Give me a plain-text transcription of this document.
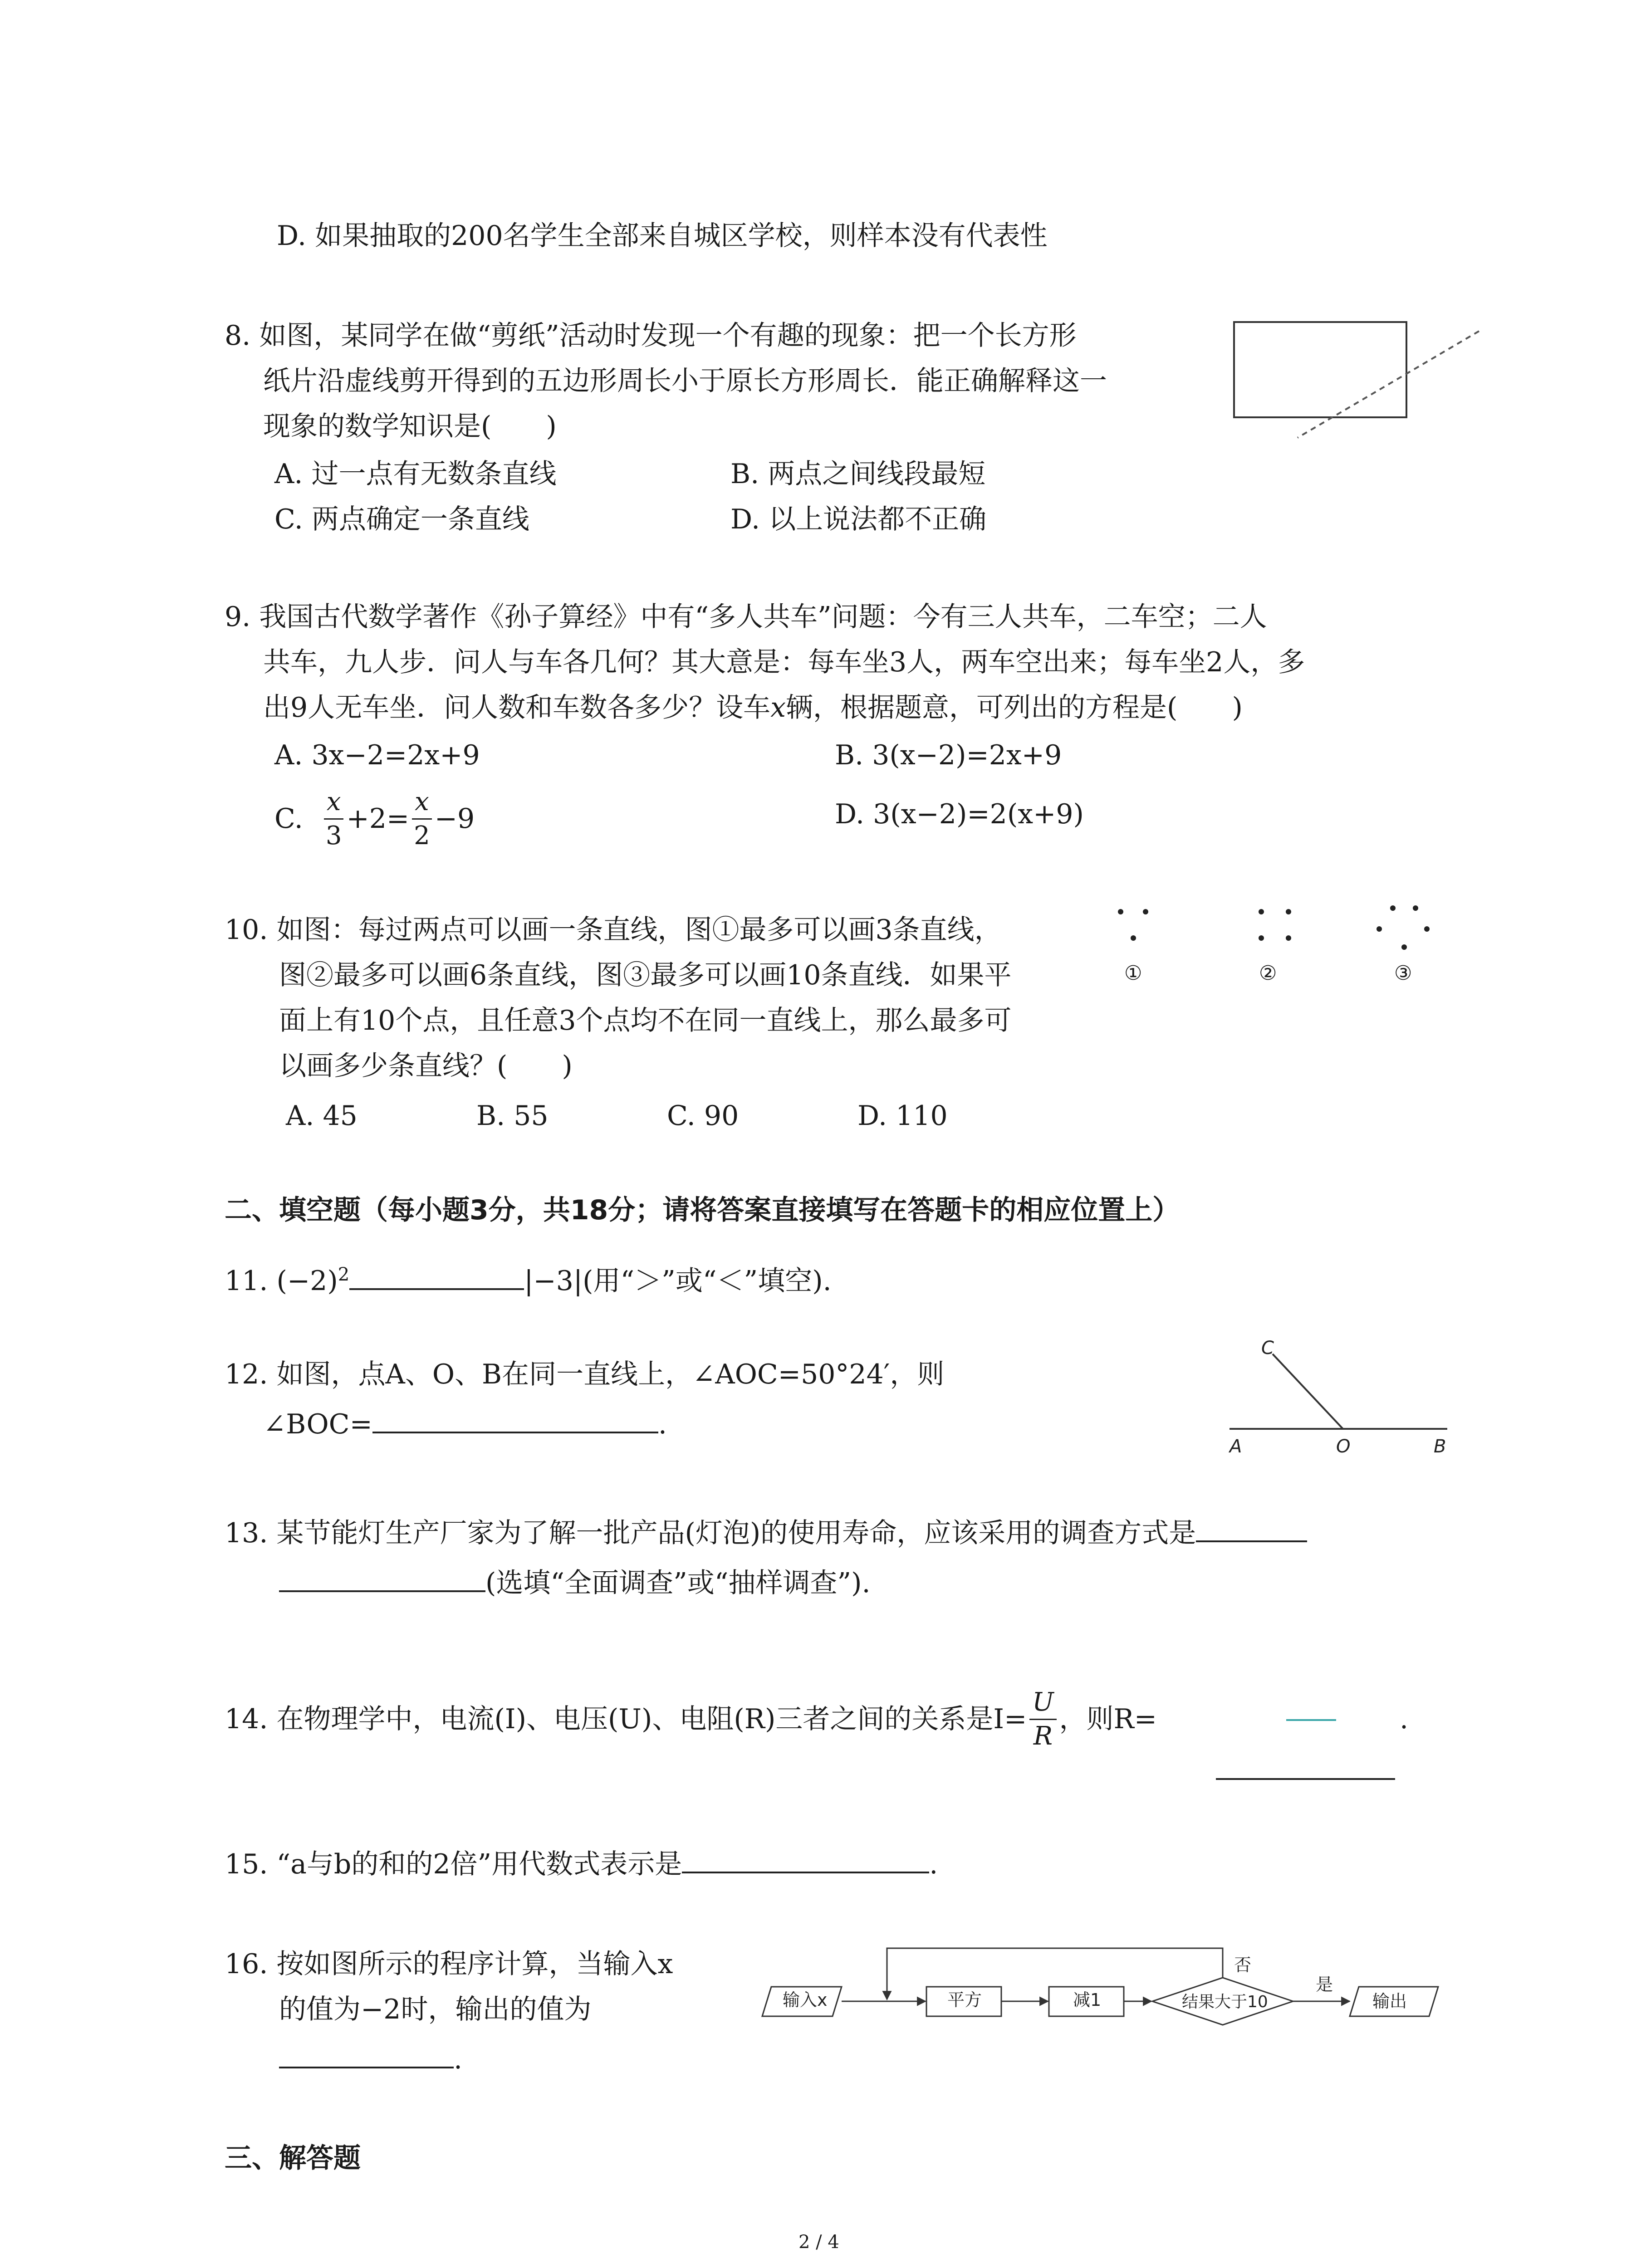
D. 如果抽取的200名学生全部来自城区学校，则样本没有代表性
8. 如图，某同学在做“剪纸”活动时发现一个有趣的现象：把一个长方形
纸片沿虚线剪开得到的五边形周长小于原长方形周长．能正确解释这一
现象的数学知识是(　　)
A. 过一点有无数条直线	B. 两点之间线段最短
C. 两点确定一条直线	D. 以上说法都不正确
9. 我国古代数学著作《孙子算经》中有“多人共车”问题：今有三人共车，二车空；二人
共车，九人步．问人与车各几何？其大意是：每车坐3人，两车空出来；每车坐2人，多
出9人无车坐．问人数和车数各多少？设车x辆，根据题意，可列出的方程是(　　)
A. 3x−2=2x+9	B. 3(x−2)=2x+9
C. $\frac{x}{3} +2= \frac{x}{2} -9$	D. 3(x−2)=2(x+9)
10. 如图：每过两点可以画一条直线，图①最多可以画3条直线，
图②最多可以画6条直线，图③最多可以画10条直线．如果平
面上有10个点，且任意3个点均不在同一直线上，那么最多可
以画多少条直线？(　　)
A. 45	B. 55	C. 90	D. 110
①	②	③
二、填空题（每小题3分，共18分；请将答案直接填写在答题卡的相应位置上）
11. $(-2)^2$	|−3|(用“＞”或“＜”填空).
12. 如图，点A、O、B在同一直线上，∠AOC=50°24′，则
∠BOC=	.
C
A	O	B
13. 某节能灯生产厂家为了解一批产品(灯泡)的使用寿命，应该采用的调查方式是
(选填“全面调查”或“抽样调查”).
14. 在物理学中，电流(I)、电压(U)、电阻(R)三者之间的关系是$I= \frac{U}{R}$ ，则R=	.
15. “a与b的和的2倍”用代数式表示是	.
16. 按如图所示的程序计算，当输入x
的值为−2时，输出的值为
.
输入x	平方	减1	结果大于10
是
输出
否
三、解答题
2 / 4
